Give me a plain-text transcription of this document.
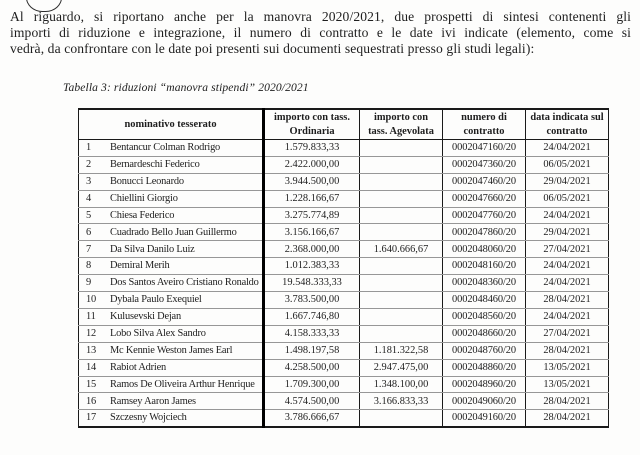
Al riguardo, si riportano anche per la manovra 2020/2021, due prospetti di sintesi contenenti gli
importi di riduzione e integrazione, il numero di contratto e le date ivi indicate (elemento, come si
vedrà, da confrontare con le date poi presenti sui documenti sequestrati presso gli studi legali):
Tabella 3: riduzioni “manovra stipendi” 2020/2021
nominativo tesserato	importo con tass. Ordinaria	importo con tass. Agevolata	numero di contratto	data indicata sul contratto
1 Bentancur Colman Rodrigo	1.579.833,33		0002047160/20	24/04/2021
2 Bernardeschi Federico	2.422.000,00		0002047360/20	06/05/2021
3 Bonucci Leonardo	3.944.500,00		0002047460/20	29/04/2021
4 Chiellini Giorgio	1.228.166,67		0002047660/20	06/05/2021
5 Chiesa Federico	3.275.774,89		0002047760/20	24/04/2021
6 Cuadrado Bello Juan Guillermo	3.156.166,67		0002047860/20	29/04/2021
7 Da Silva Danilo Luiz	2.368.000,00	1.640.666,67	0002048060/20	27/04/2021
8 Demiral Merih	1.012.383,33		0002048160/20	24/04/2021
9 Dos Santos Aveiro Cristiano Ronaldo	19.548.333,33		0002048360/20	24/04/2021
10 Dybala Paulo Exequiel	3.783.500,00		0002048460/20	28/04/2021
11 Kulusevski Dejan	1.667.746,80		0002048560/20	24/04/2021
12 Lobo Silva Alex Sandro	4.158.333,33		0002048660/20	27/04/2021
13 Mc Kennie Weston James Earl	1.498.197,58	1.181.322,58	0002048760/20	28/04/2021
14 Rabiot Adrien	4.258.500,00	2.947.475,00	0002048860/20	13/05/2021
15 Ramos De Oliveira Arthur Henrique	1.709.300,00	1.348.100,00	0002048960/20	13/05/2021
16 Ramsey Aaron James	4.574.500,00	3.166.833,33	0002049060/20	28/04/2021
17 Szczesny Wojciech	3.786.666,67		0002049160/20	28/04/2021
